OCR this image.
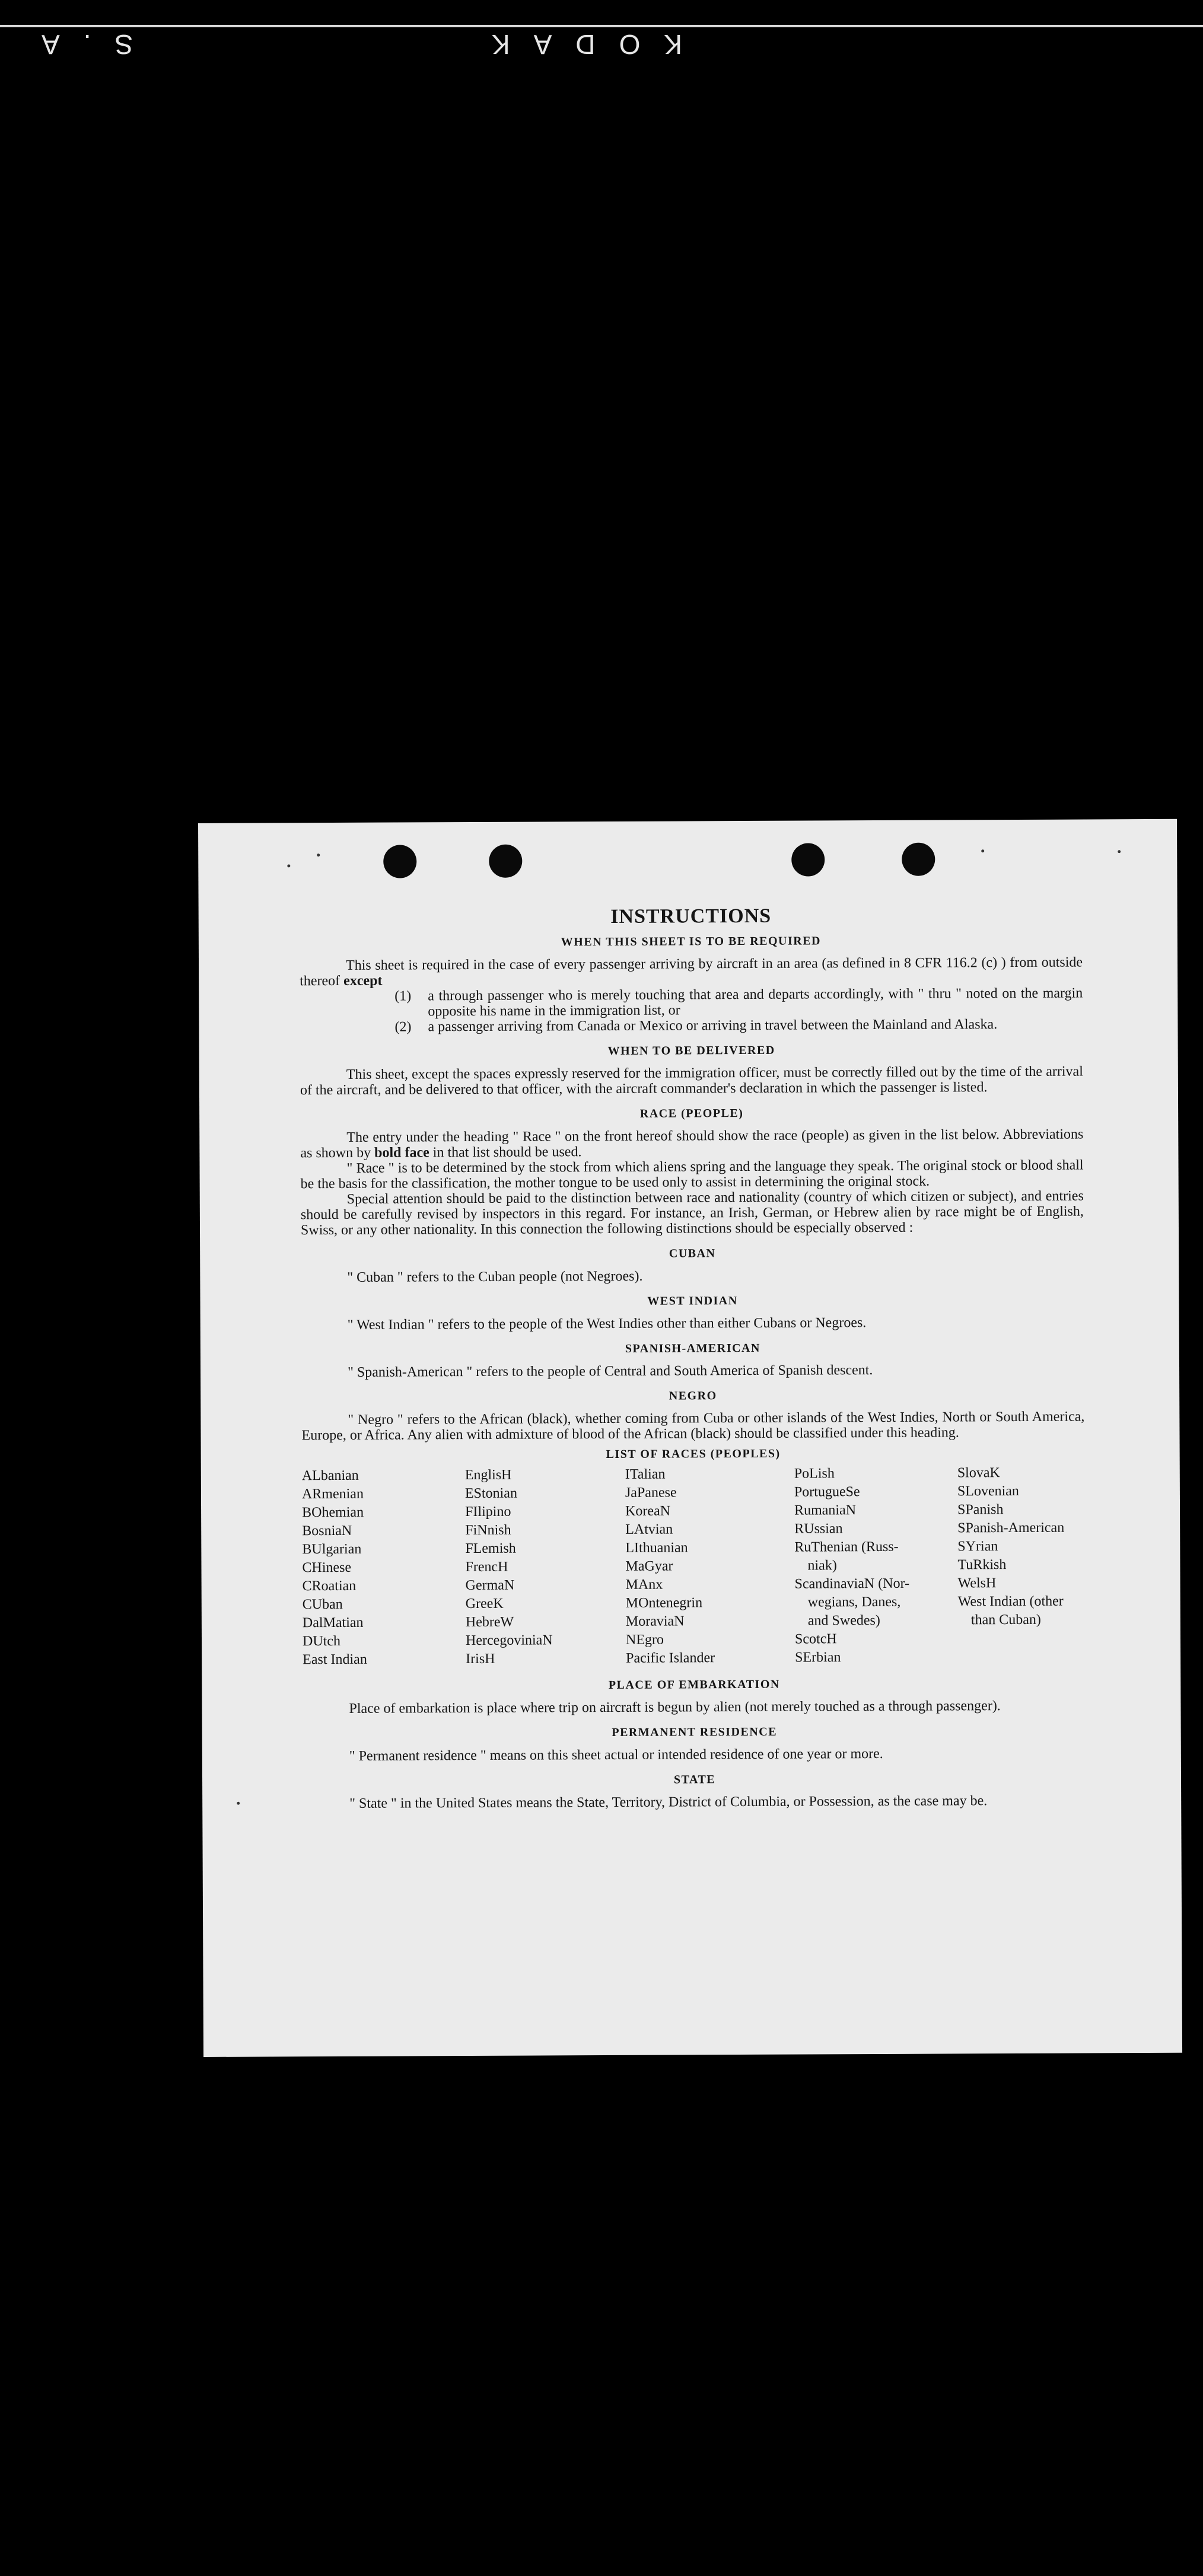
KODAK
S.A
INSTRUCTIONS
WHEN THIS SHEET IS TO BE REQUIRED

This sheet is required in the case of every passenger arriving by aircraft in an area (as defined in 8 CFR 116.2 (c) ) from outside thereof except

(1)	a through passenger who is merely touching that area and departs accordingly, with " thru " noted on the margin opposite his name in the immigration list, or
(2)	a passenger arriving from Canada or Mexico or arriving in travel between the Mainland and Alaska.
WHEN TO BE DELIVERED

This sheet, except the spaces expressly reserved for the immigration officer, must be correctly filled out by the time of the arrival of the aircraft, and be delivered to that officer, with the aircraft commander's declaration in which the passenger is listed.

RACE (PEOPLE)

The entry under the heading " Race " on the front hereof should show the race (people) as given in the list below. Abbreviations as shown by bold face in that list should be used.

" Race " is to be determined by the stock from which aliens spring and the language they speak. The original stock or blood shall be the basis for the classification, the mother tongue to be used only to assist in determining the original stock.

Special attention should be paid to the distinction between race and nationality (country of which citizen or subject), and entries should be carefully revised by inspectors in this regard. For instance, an Irish, German, or Hebrew alien by race might be of English, Swiss, or any other nationality. In this connection the following distinctions should be especially observed :

CUBAN

" Cuban " refers to the Cuban people (not Negroes).

WEST INDIAN

" West Indian " refers to the people of the West Indies other than either Cubans or Negroes.

SPANISH-AMERICAN

" Spanish-American " refers to the people of Central and South America of Spanish descent.

NEGRO

" Negro " refers to the African (black), whether coming from Cuba or other islands of the West Indies, North or South America, Europe, or Africa. Any alien with admixture of blood of the African (black) should be classified under this heading.

LIST OF RACES (PEOPLES)
ALbanian
ARmenian
BOhemian
BosniaN
BUlgarian
CHinese
CRoatian
CUban
DalMatian
DUtch
East Indian
EnglisH
EStonian
FIlipino
FiNnish
FLemish
FrencH
GermaN
GreeK
HebreW
HercegoviniaN
IrisH
ITalian
JaPanese
KoreaN
LAtvian
LIthuanian
MaGyar
MAnx
MOntenegrin
MoraviaN
NEgro
Pacific Islander
PoLish
PortugueSe
RumaniaN
RUssian
RuThenian (Russ-
niak)
ScandinaviaN (Nor-
wegians, Danes,
and Swedes)
ScotcH
SErbian
SlovaK
SLovenian
SPanish
SPanish-American
SYrian
TuRkish
WelsH
West Indian (other
than Cuban)
PLACE OF EMBARKATION

Place of embarkation is place where trip on aircraft is begun by alien (not merely touched as a through passenger).

PERMANENT RESIDENCE

" Permanent residence " means on this sheet actual or intended residence of one year or more.

STATE

" State " in the United States means the State, Territory, District of Columbia, or Possession, as the case may be.
